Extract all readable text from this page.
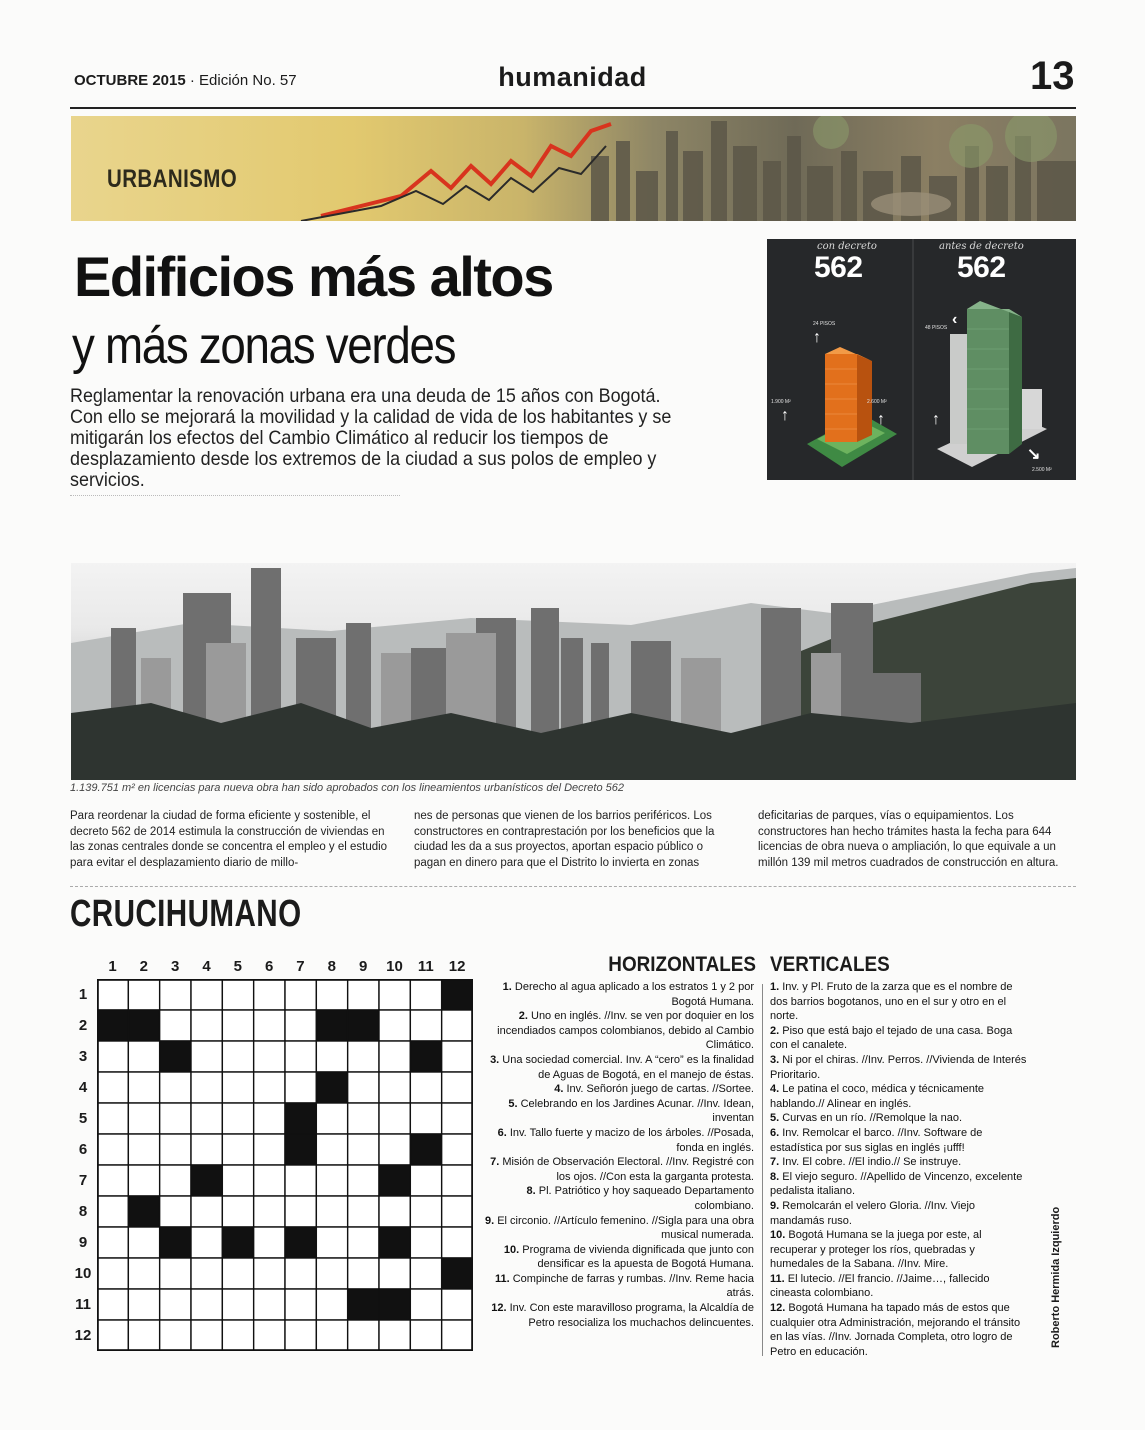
OCTUBRE 2015 · Edición No. 57	humanidad	13
URBANISMO
Edificios más altos
y más zonas verdes
Reglamentar la renovación urbana era una deuda de 15 años con Bogotá. Con ello se mejorará la movilidad y la calidad de vida de los habitantes y se mitigarán los efectos del Cambio Climático al reducir los tiempos de desplazamiento desde los extremos de la ciudad a sus polos de empleo y servicios.
con decreto
562
antes de decreto
562
24 PISOS
↑
48 PISOS ‹
1.900 M²
↑
2.600 M²
↑	↑
↘
2.500 M²
1.139.751 m² en licencias para nueva obra han sido aprobados con los lineamientos urbanísticos del Decreto 562
Para reordenar la ciudad de forma eficiente y sostenible, el decreto 562 de 2014 estimula la construcción de viviendas en las zonas centrales donde se concentra el empleo y el estudio para evitar el desplazamiento diario de millo-
nes de personas que vienen de los barrios periféricos. Los constructores en contraprestación por los beneficios que la ciudad les da a sus proyectos, aportan espacio público o pagan en dinero para que el Distrito lo invierta en zonas
deficitarias de parques, vías o equipamientos. Los constructores han hecho trámites hasta la fecha para 644 licencias de obra nueva o ampliación, lo que equivale a un millón 139 mil metros cuadrados de construcción en altura.
CRUCIHUMANO
1	2	3	4	5	6	7	8	9	10	11	12
1
2
3
4
5
6
7
8
9
10
11
12
HORIZONTALES VERTICALES
1. Derecho al agua aplicado a los estratos 1 y 2 por Bogotá Humana.
2. Uno en inglés. //Inv. se ven por doquier en los incendiados campos colombianos, debido al Cambio Climático.
3. Una sociedad comercial. Inv. A “cero” es la finalidad de Aguas de Bogotá, en el manejo de éstas.
4. Inv. Señorón juego de cartas. //Sortee.
5. Celebrando en los Jardines Acunar. //Inv. Idean, inventan
6. Inv. Tallo fuerte y macizo de los árboles. //Posada, fonda en inglés.
7. Misión de Observación Electoral. //Inv. Registré con los ojos. //Con esta la garganta protesta.
8. Pl. Patriótico y hoy saqueado Departamento colombiano.
9. El circonio. //Artículo femenino. //Sigla para una obra musical numerada.
10. Programa de vivienda dignificada que junto con densificar es la apuesta de Bogotá Humana.
11. Compinche de farras y rumbas. //Inv. Reme hacia atrás.
12. Inv. Con este maravilloso programa, la Alcaldía de Petro resocializa los muchachos delincuentes.
1. Inv. y Pl. Fruto de la zarza que es el nombre de dos barrios bogotanos, uno en el sur y otro en el norte.
2. Piso que está bajo el tejado de una casa. Boga con el canalete.
3. Ni por el chiras. //Inv. Perros. //Vivienda de Interés Prioritario.
4. Le patina el coco, médica y técnicamente hablando.// Alinear en inglés.
5. Curvas en un río. //Remolque la nao.
6. Inv. Remolcar el barco. //Inv. Software de estadística por sus siglas en inglés ¡ufff!
7. Inv. El cobre. //El indio.// Se instruye.
8. El viejo seguro. //Apellido de Vincenzo, excelente pedalista italiano.
9. Remolcarán el velero Gloria. //Inv. Viejo mandamás ruso.
10. Bogotá Humana se la juega por este, al recuperar y proteger los ríos, quebradas y humedales de la Sabana. //Inv. Mire.
11. El lutecio. //El francio. //Jaime…, fallecido cineasta colombiano.
12. Bogotá Humana ha tapado más de estos que cualquier otra Administración, mejorando el tránsito en las vías. //Inv. Jornada Completa, otro logro de Petro en educación.
Roberto Hermida Izquierdo
